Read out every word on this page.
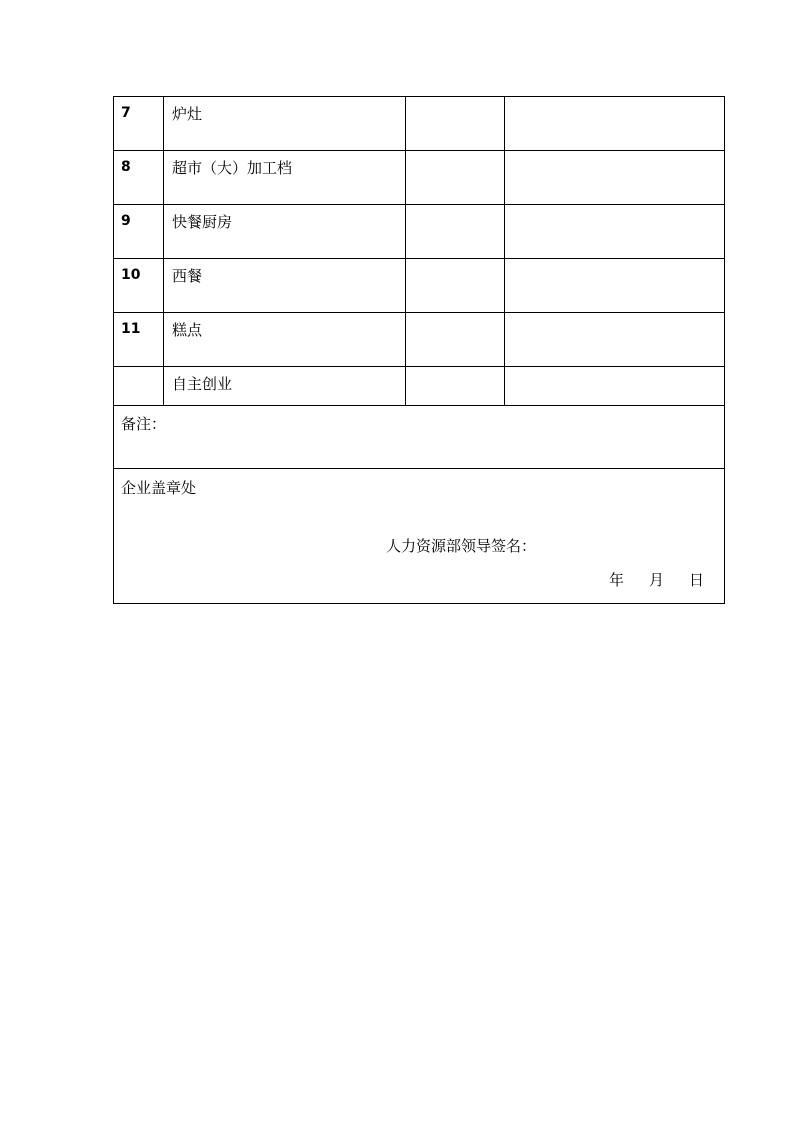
7	炉灶		

8	超市（大）加工档		

9	快餐厨房		

10	西餐		

11	糕点		

	自主创业		

备注：			

企业盖章处
人力资源部领导签名：
年 月 日			
